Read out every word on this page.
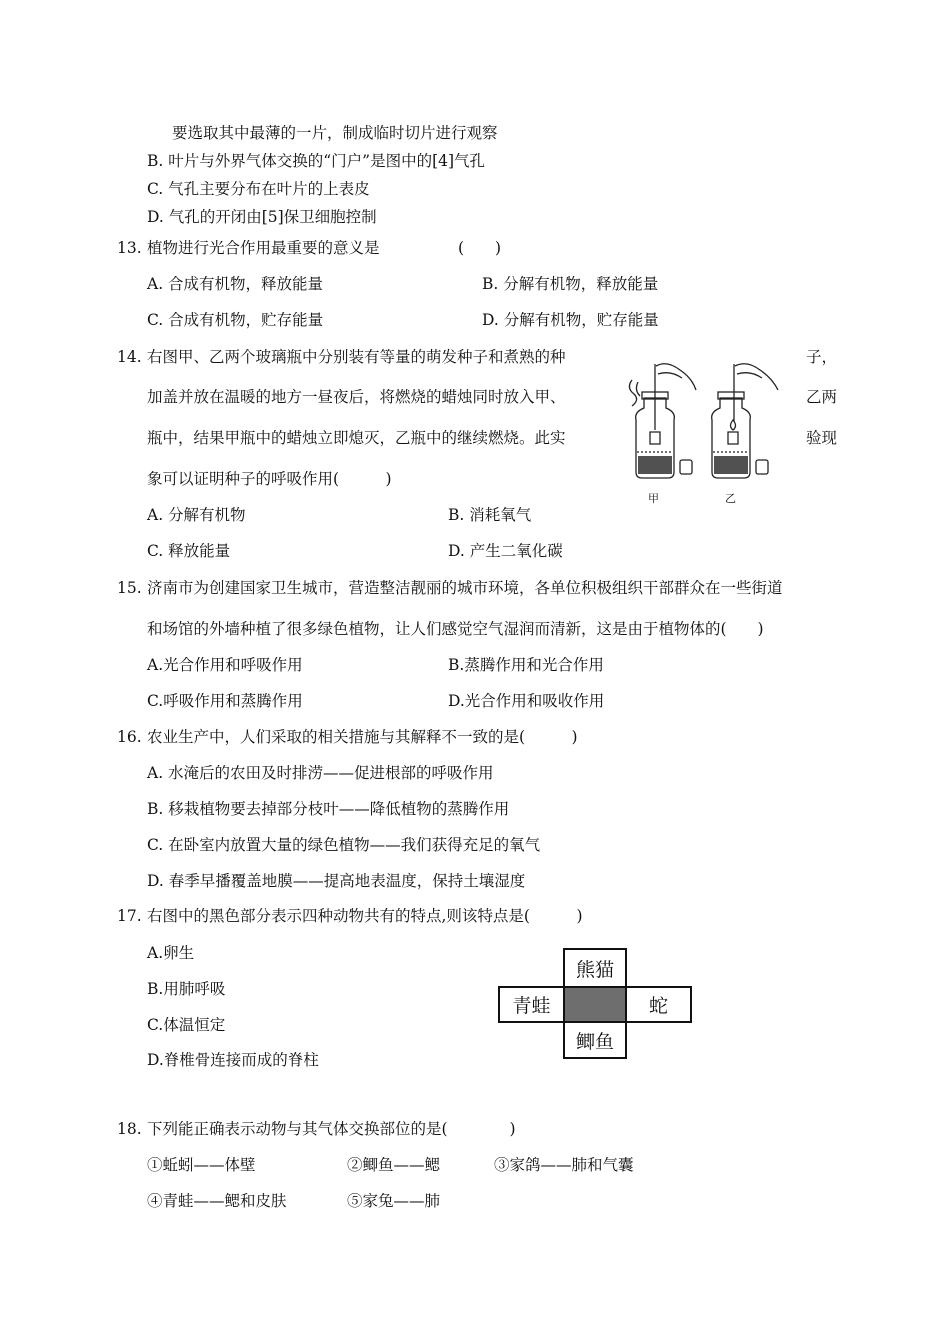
要选取其中最薄的一片，制成临时切片进行观察
B. 叶片与外界气体交换的“门户”是图中的[4]气孔
C. 气孔主要分布在叶片的上表皮
D. 气孔的开闭由[5]保卫细胞控制
13. 植物进行光合作用最重要的意义是	(　　)
A. 合成有机物，释放能量	B. 分解有机物，释放能量
C. 合成有机物，贮存能量	D. 分解有机物，贮存能量
14. 右图甲、乙两个玻璃瓶中分别装有等量的萌发种子和煮熟的种	子，
加盖并放在温暖的地方一昼夜后，将燃烧的蜡烛同时放入甲、	乙两
瓶中，结果甲瓶中的蜡烛立即熄灭，乙瓶中的继续燃烧。此实	验现
象可以证明种子的呼吸作用(　　　)
A. 分解有机物	B. 消耗氧气
C. 释放能量	D. 产生二氧化碳
甲	乙
15. 济南市为创建国家卫生城市，营造整洁靓丽的城市环境，各单位积极组织干部群众在一些街道
和场馆的外墙种植了很多绿色植物，让人们感觉空气湿润而清新，这是由于植物体的(　　)
A.光合作用和呼吸作用	B.蒸腾作用和光合作用
C.呼吸作用和蒸腾作用	D.光合作用和吸收作用
16. 农业生产中，人们采取的相关措施与其解释不一致的是(　　　)
A. 水淹后的农田及时排涝——促进根部的呼吸作用
B. 移栽植物要去掉部分枝叶——降低植物的蒸腾作用
C. 在卧室内放置大量的绿色植物——我们获得充足的氧气
D. 春季早播覆盖地膜——提高地表温度，保持土壤湿度
17. 右图中的黑色部分表示四种动物共有的特点,则该特点是(　　　)
A.卵生
B.用肺呼吸
C.体温恒定
D.脊椎骨连接而成的脊柱
熊猫
青蛙	蛇
鲫鱼
18. 下列能正确表示动物与其气体交换部位的是(　　　　)
①蚯蚓——体壁	②鲫鱼——鳃	③家鸽——肺和气囊
④青蛙——鳃和皮肤	⑤家兔——肺
